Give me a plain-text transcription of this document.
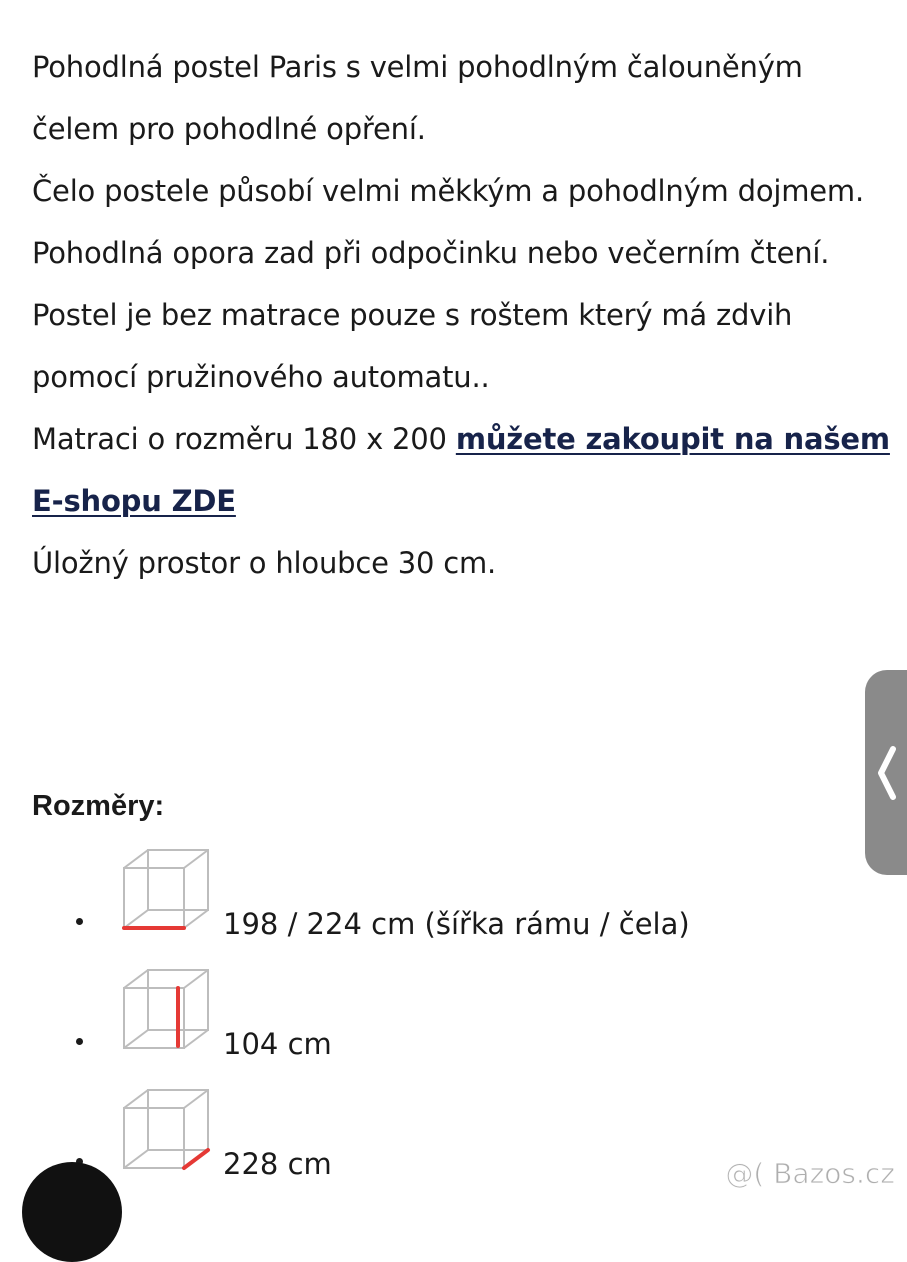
Pohodlná postel Paris s velmi pohodlným čalouněným čelem pro pohodlné opření.

Čelo postele působí velmi měkkým a pohodlným dojmem.

Pohodlná opora zad při odpočinku nebo večerním čtení.

Postel je bez matrace pouze s roštem který má zdvih pomocí pružinového automatu..

Matraci o rozměru 180 x 200 můžete zakoupit na našem E-shopu ZDE

Úložný prostor o hloubce 30 cm.

Rozměry:
198 / 224 cm (šířka rámu / čela)
104 cm
228 cm	@( Bazos.cz
